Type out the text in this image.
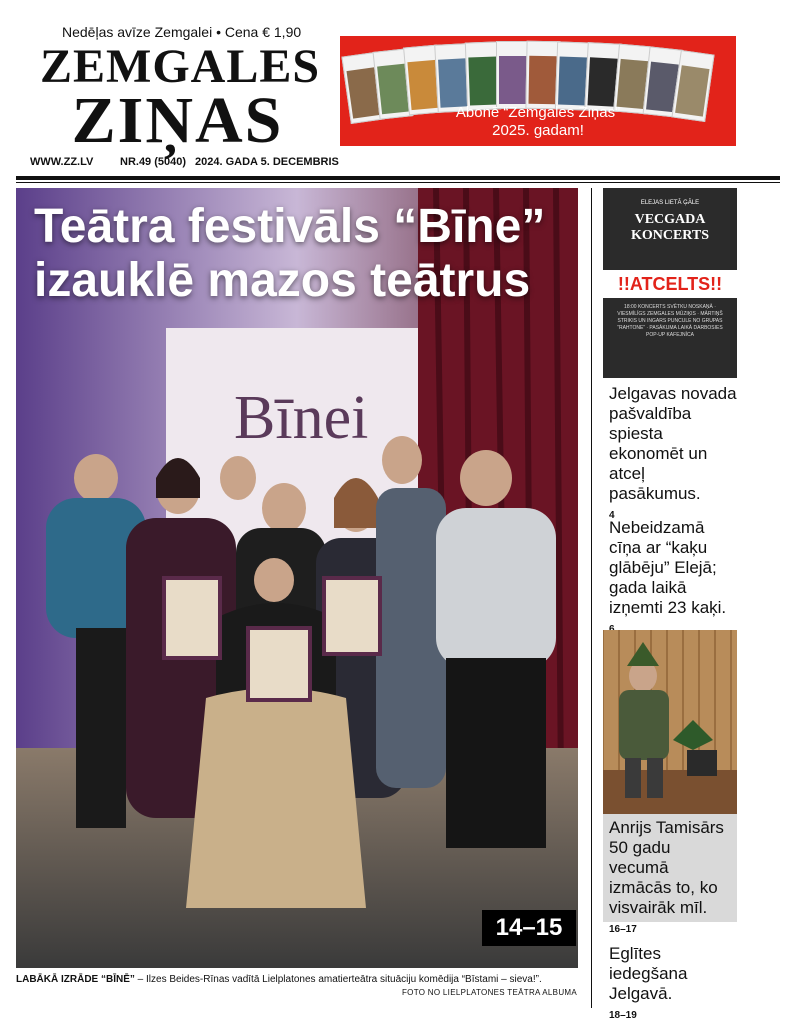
Nedēļas avīze Zemgalei • Cena € 1,90
ZEMGALES
ZIŅAS
WWW.ZZ.LV NR.49 (5040) 2024. GADA 5. DECEMBRIS
Abonē “Zemgales Ziņas”
2025. gadam!
Bīnei
Teātra festivāls “Bīne”
izauklē mazos teātrus
14–15
LABĀKĀ IZRĀDE “BĪNĒ” – Ilzes Beides-Rīnas vadītā Lielplatones amatierteātra situāciju komēdija “Bīstami – sieva!”.
FOTO NO LIELPLATONES TEĀTRA ALBUMA
ELEJAS LIETĀ ĢĀLE
VECGADA
KONCERTS
!!ATCELTS!!
18:00 KONCERTS SVĒTKU NOSKAŅĀ · VIESMĪLĪGS ZEMGALES MŪZIĶIS · MĀRTIŅŠ STRIKIS UN INGARS PUNCULE NO GRUPAS “RAHTONE” · PASĀKUMA LAIKĀ DARBOSIES POP-UP KAFEJNĪCA
Jelgavas novada pašvaldība spiesta ekonomēt un atceļ pasākumus.
4
Nebeidzamā cīņa ar “kaķu glābēju” Elejā; gada laikā izņemti 23 kaķi.
Anrijs Tamisārs 50 gadu vecumā izmācās to, ko visvairāk mīl.
16–17
Eglītes iedegšana Jelgavā.
18–19
